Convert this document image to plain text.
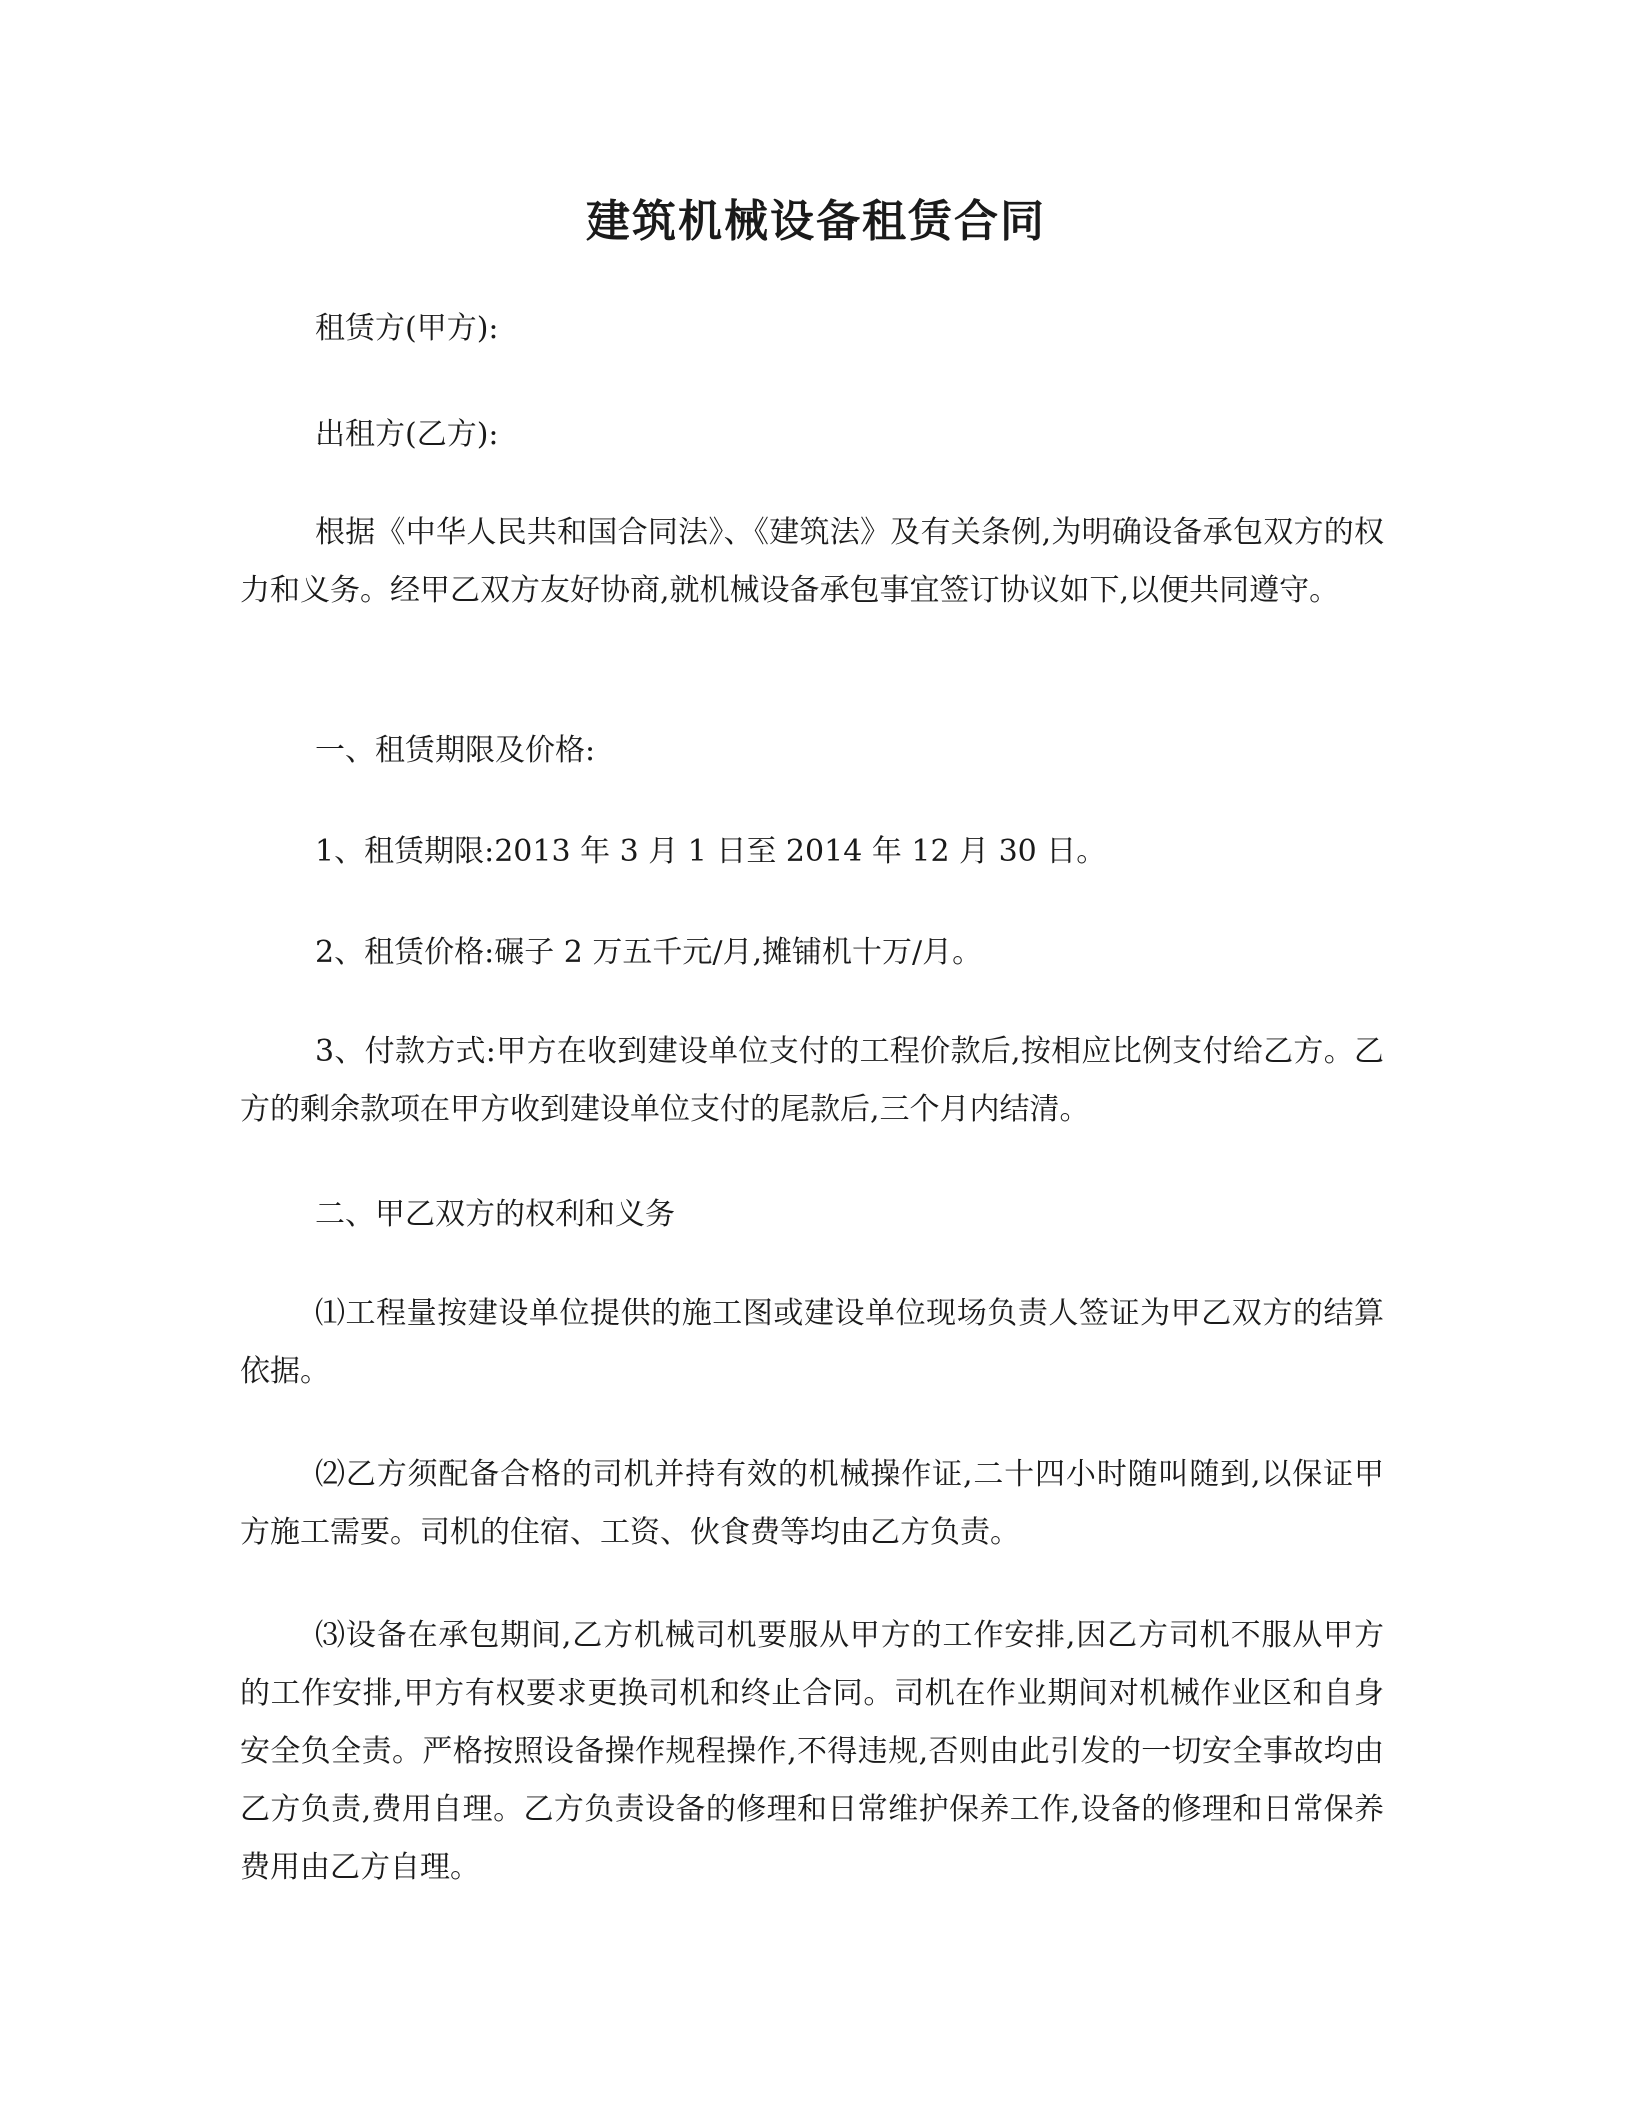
建筑机械设备租赁合同
租赁方(甲方):
出租方(乙方):
根据《中华人民共和国合同法》、《建筑法》及有关条例,为明确设备承包双方的权力和义务。经甲乙双方友好协商,就机械设备承包事宜签订协议如下,以便共同遵守。
一、租赁期限及价格:
1、租赁期限:2013 年 3 月 1 日至 2014 年 12 月 30 日。
2、租赁价格:碾子 2 万五千元/月,摊铺机十万/月。
3、付款方式:甲方在收到建设单位支付的工程价款后,按相应比例支付给乙方。乙方的剩余款项在甲方收到建设单位支付的尾款后,三个月内结清。
二、甲乙双方的权利和义务
⑴工程量按建设单位提供的施工图或建设单位现场负责人签证为甲乙双方的结算依据。
⑵乙方须配备合格的司机并持有效的机械操作证,二十四小时随叫随到,以保证甲方施工需要。司机的住宿、工资、伙食费等均由乙方负责。
⑶设备在承包期间,乙方机械司机要服从甲方的工作安排,因乙方司机不服从甲方的工作安排,甲方有权要求更换司机和终止合同。司机在作业期间对机械作业区和自身安全负全责。严格按照设备操作规程操作,不得违规,否则由此引发的一切安全事故均由乙方负责,费用自理。乙方负责设备的修理和日常维护保养工作,设备的修理和日常保养费用由乙方自理。
